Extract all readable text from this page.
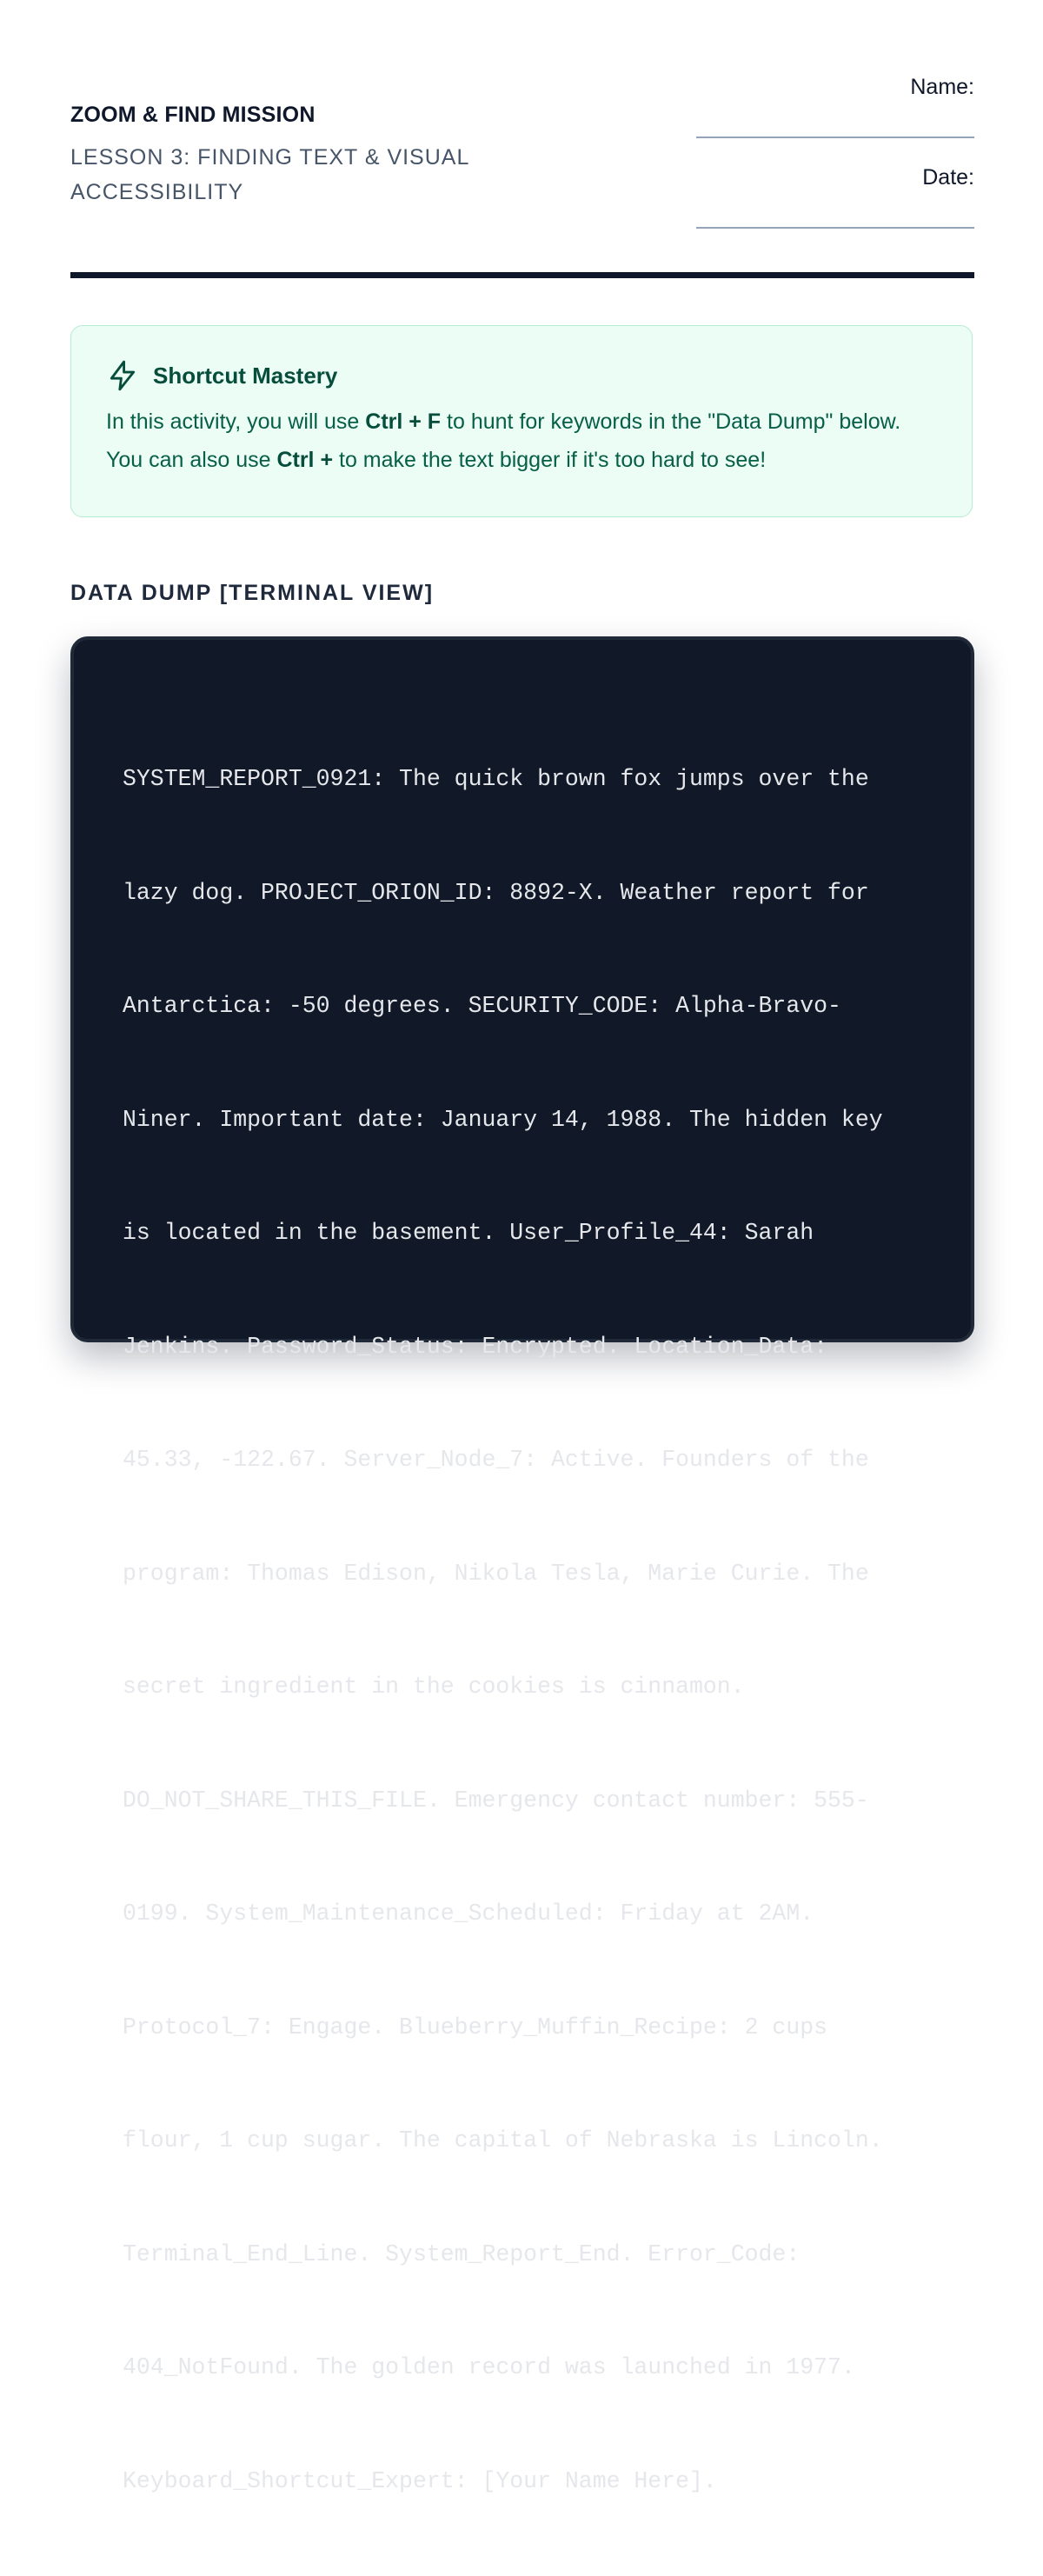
ZOOM & FIND MISSION
LESSON 3: FINDING TEXT & VISUAL ACCESSIBILITY
Name:
Date:
Shortcut Mastery

In this activity, you will use Ctrl + F to hunt for keywords in the "Data Dump" below. You can also use Ctrl + to make the text bigger if it's too hard to see!

DATA DUMP [TERMINAL VIEW]

SYSTEM_REPORT_0921: The quick brown fox jumps over the

lazy dog. PROJECT_ORION_ID: 8892-X. Weather report for

Antarctica: -50 degrees. SECURITY_CODE: Alpha-Bravo-

Niner. Important date: January 14, 1988. The hidden key

is located in the basement. User_Profile_44: Sarah

Jenkins. Password_Status: Encrypted. Location_Data:

45.33, -122.67. Server_Node_7: Active. Founders of the

program: Thomas Edison, Nikola Tesla, Marie Curie. The

secret ingredient in the cookies is cinnamon.

DO_NOT_SHARE_THIS_FILE. Emergency contact number: 555-

0199. System_Maintenance_Scheduled: Friday at 2AM.

Protocol_7: Engage. Blueberry_Muffin_Recipe: 2 cups

flour, 1 cup sugar. The capital of Nebraska is Lincoln.

Terminal_End_Line. System_Report_End. Error_Code:

404_NotFound. The golden record was launched in 1977.

Keyboard_Shortcut_Expert: [Your Name Here].
